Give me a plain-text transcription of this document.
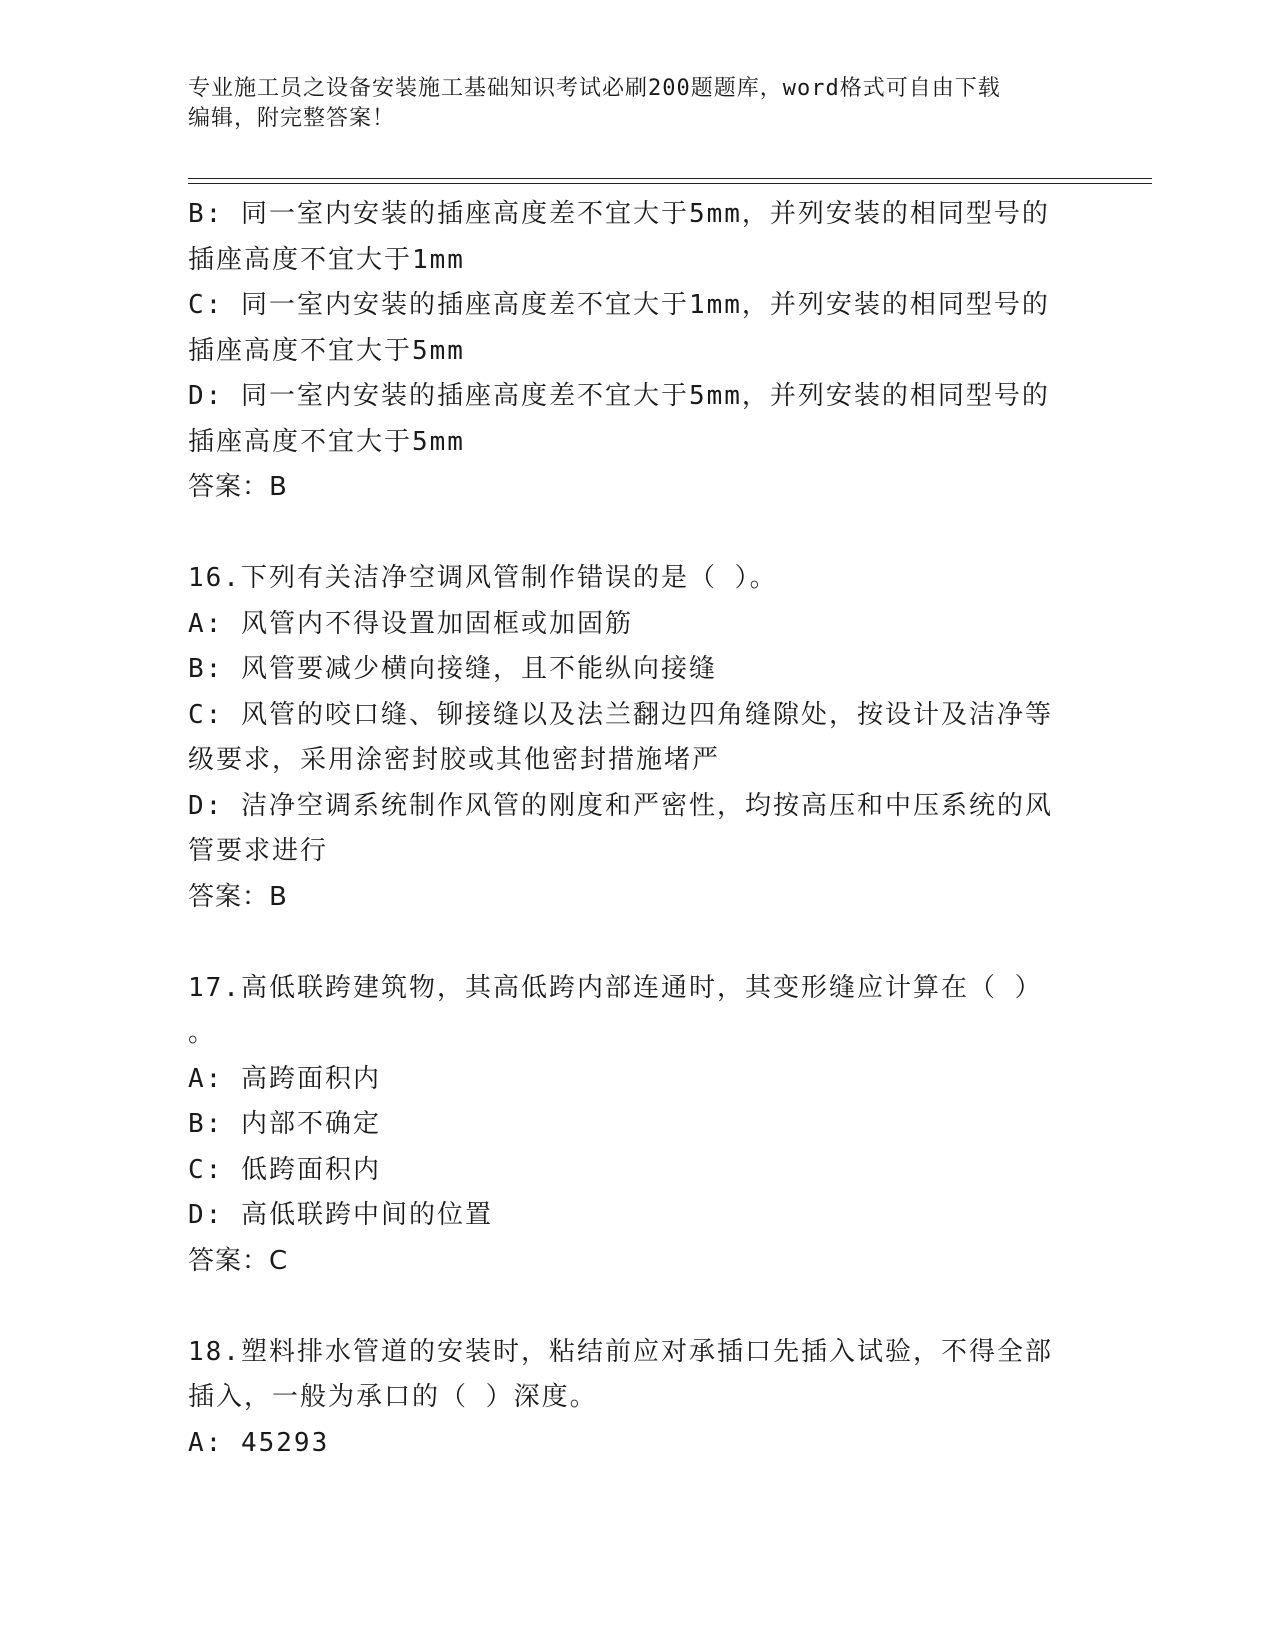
专业施工员之设备安装施工基础知识考试必刷200题题库，word格式可自由下载
编辑，附完整答案！
B: 同一室内安装的插座高度差不宜大于5mm，并列安装的相同型号的
插座高度不宜大于1mm
C: 同一室内安装的插座高度差不宜大于1mm，并列安装的相同型号的
插座高度不宜大于5mm
D: 同一室内安装的插座高度差不宜大于5mm，并列安装的相同型号的
插座高度不宜大于5mm
答案：B
16.下列有关洁净空调风管制作错误的是（ ）。
A: 风管内不得设置加固框或加固筋
B: 风管要减少横向接缝，且不能纵向接缝
C: 风管的咬口缝、铆接缝以及法兰翻边四角缝隙处，按设计及洁净等
级要求，采用涂密封胶或其他密封措施堵严
D: 洁净空调系统制作风管的刚度和严密性，均按高压和中压系统的风
管要求进行
答案：B
17.高低联跨建筑物，其高低跨内部连通时，其变形缝应计算在（ ）
。
A: 高跨面积内
B: 内部不确定
C: 低跨面积内
D: 高低联跨中间的位置
答案：C
18.塑料排水管道的安装时，粘结前应对承插口先插入试验，不得全部
插入，一般为承口的（ ）深度。
A: 45293
